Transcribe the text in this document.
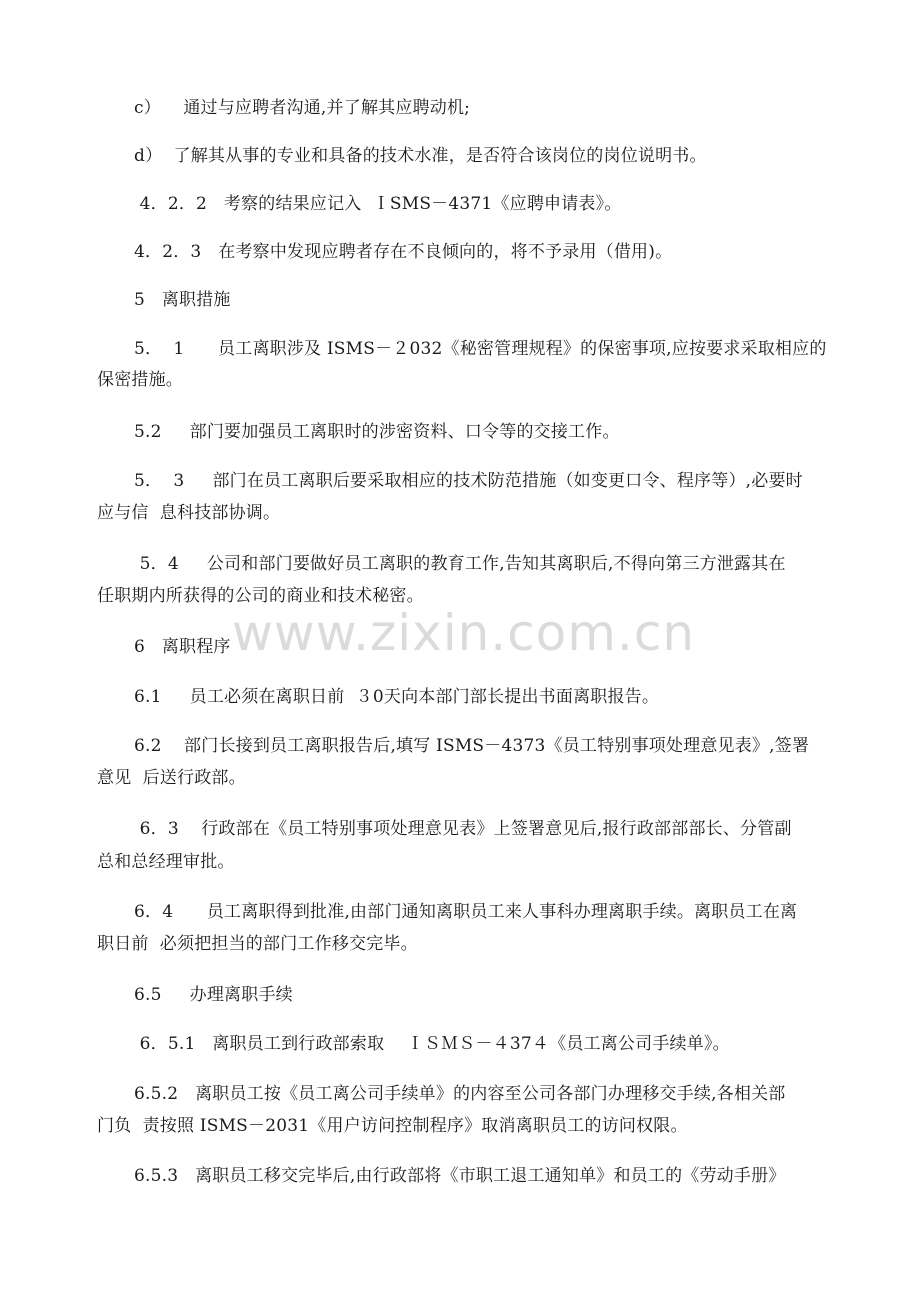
c）    通过与应聘者沟通,并了解其应聘动机;
d）  了解其从事的专业和具备的技术水准，是否符合该岗位的岗位说明书。
4．2．2   考察的结果应记入  ＩSMS－4371《应聘申请表》。
4．2．3   在考察中发现应聘者存在不良倾向的，将不予录用（借用)。
5   离职措施
5．  1      员工离职涉及 ISMS－２032《秘密管理规程》的保密事项,应按要求采取相应的
保密措施。
5.2     部门要加强员工离职时的涉密资料、口令等的交接工作。
5．  3     部门在员工离职后要采取相应的技术防范措施（如变更口令、程序等）,必要时
应与信  息科技部协调。
5．4     公司和部门要做好员工离职的教育工作,告知其离职后,不得向第三方泄露其在
任职期内所获得的公司的商业和技术秘密。
6   离职程序
6.1     员工必须在离职日前  ３0天向本部门部长提出书面离职报告。
6.2    部门长接到员工离职报告后,填写 ISMS－4373《员工特别事项处理意见表》,签署
意见  后送行政部。
6．3    行政部在《员工特别事项处理意见表》上签署意见后,报行政部部部长、分管副
总和总经理审批。
6．4      员工离职得到批准,由部门通知离职员工来人事科办理离职手续。离职员工在离
职日前  必须把担当的部门工作移交完毕。
6.5     办理离职手续
6．5.1   离职员工到行政部索取    ＩＳＭＳ－４37４《员工离公司手续单》。
6.5.2   离职员工按《员工离公司手续单》的内容至公司各部门办理移交手续,各相关部
门负  责按照 ISMS－2031《用户访问控制程序》取消离职员工的访问权限。
6.5.3   离职员工移交完毕后,由行政部将《市职工退工通知单》和员工的《劳动手册》
www.zixin.com.cn
